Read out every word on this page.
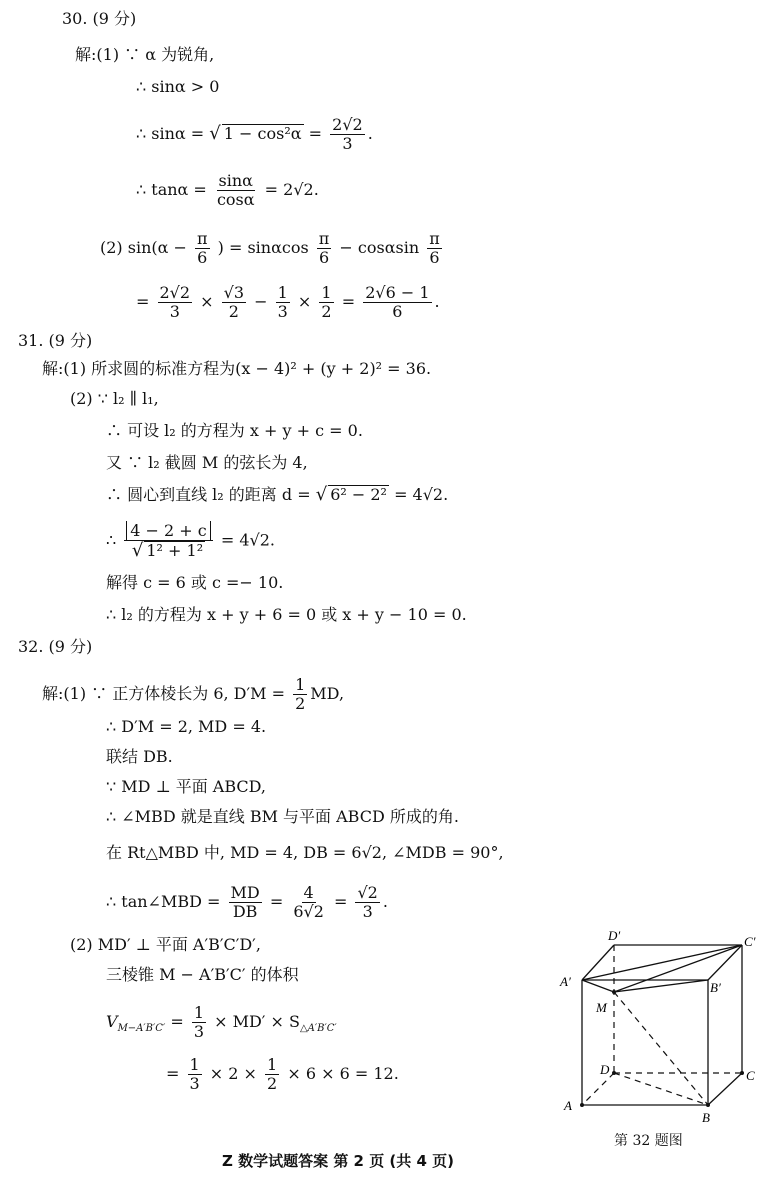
30. (9 分)
解:(1) ∵ α 为锐角,
∴ sinα > 0
∴ sinα = √ $1 - \cos^2\alpha = \frac{2√2}{3}$ .
∴ $\tan\alpha = \frac{\sin\alpha}{\cos\alpha} = 2√2$.
(2) $\sin(\alpha - \frac{\pi}{6}$ ) = sinαcos $\frac{\pi}{6} - \cos\alpha\sin \frac{\pi}{6}$
= $\frac{2√2}{3} \times \frac{√3}{2} - \frac{1}{3} \times \frac{1}{2} = \frac{2√6 - 1}{6}$ .
31. (9 分)
解:(1) 所求圆的标准方程为(x − 4)² + (y + 2)² = 36.
(2) ∵ l₂ ∥ l₁,
∴ 可设 l₂ 的方程为 x + y + c = 0.
又 ∵ l₂ 截圆 M 的弦长为 4,
∴ 圆心到直线 l₂ 的距离 d = √ 6² − 2² = 4√2.
∴ $\frac{4 - 2 + c}{\text{√ 1² + 1²}} = 4√2$.
解得 c = 6 或 c =− 10.
∴ l₂ 的方程为 x + y + 6 = 0 或 x + y − 10 = 0.
32. (9 分)
解:(1) ∵ 正方体棱长为 6, $D'M = \frac{1}{2}$ MD,
∴ D′M = 2, MD = 4.
联结 DB.
∵ MD ⊥ 平面 ABCD,
∴ ∠MBD 就是直线 BM 与平面 ABCD 所成的角.
在 Rt△MBD 中, MD = 4, DB = 6√2, ∠MDB = 90°,
∴ tan∠MBD = $\frac{MD}{DB} = \frac{4}{6√2} = \frac{√2}{3}$ .
(2) MD′ ⊥ 平面 A′B′C′D′,
三棱锥 M − A′B′C′ 的体积
$V_{M-A'B'C'} = \frac{1}{3} \times MD' \times S_{\triangle A'B'C'}$
= $\frac{1}{3} \times 2 \times \frac{1}{2} \times 6 \times 6 = 12$.
D′	C′
A′	B′
M
D	C
A
B
第 32 题图
Z 数学试题答案 第 2 页 (共 4 页)
